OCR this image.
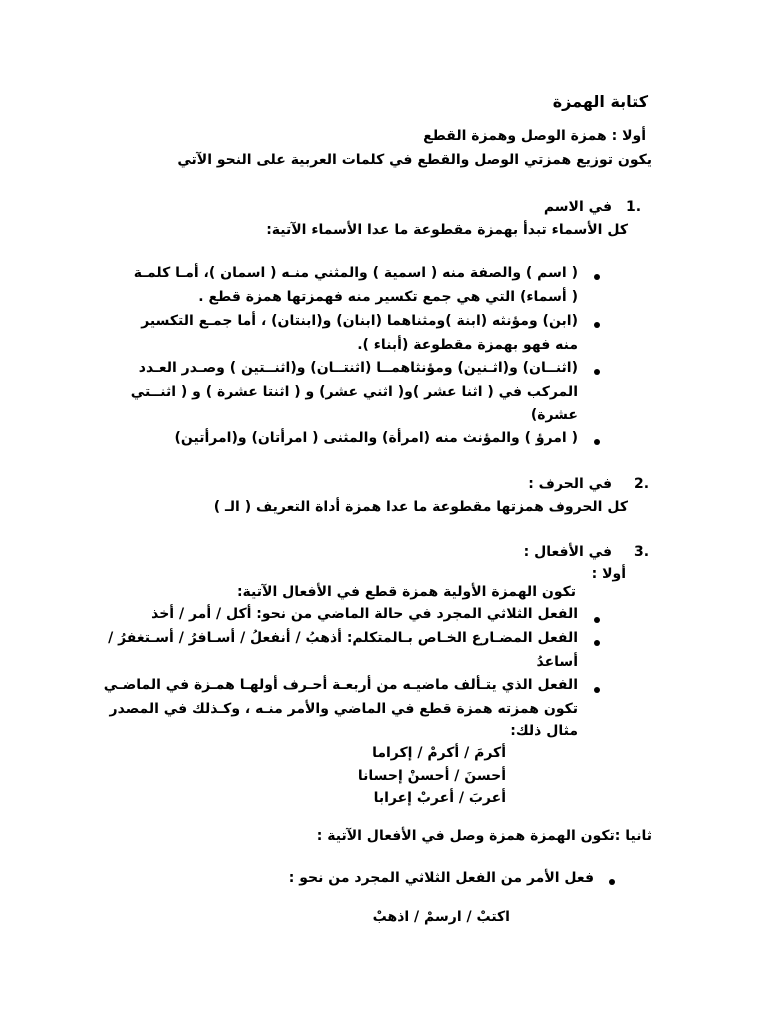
كتابة الهمزة
أولا : همزة الوصل وهمزة القطع
يكون توزيع همزتي الوصل والقطع في كلمات العربية على النحو الآتي
1.
في الاسم
كل الأسماء تبدأ بهمزة مقطوعة ما عدا الأسماء الآتية:
( اسم ) والصفة منه ( اسمية ) والمثني منـه ( اسمان )، أمـا كلمـة
( أسماء) التي هي جمع تكسير منه فهمزتها همزة قطع .
(ابن) ومؤنثه (ابنة )ومثناهما (ابنان) و(ابنتان) ، أما جمـع التكسير
منه فهو بهمزة مقطوعة (أبناء ).
(اثنــان) و(اثـنين) ومؤنثاهمــا (اثنتــان) و(اثنــتين ) وصـدر العـدد
المركب في ( اثنا عشر )و( اثني عشر) و ( اثنتا عشرة ) و ( اثنــتي
عشرة)
( امرؤ ) والمؤنث منه (امرأة) والمثنى ( امرأتان) و(امرأتين)
2.
في الحرف :
كل الحروف همزتها مقطوعة ما عدا همزة أداة التعريف ( الـ )
3.
في الأفعال :
أولا :
تكون الهمزة الأولية همزة قطع في الأفعال الآتية:
الفعل الثلاثي المجرد في حالة الماضي من نحو: أكل / أمر / أخذ
الفعل المضـارع الخـاص بـالمتكلم: أذهبُ / أنفعلُ / أسـافرُ / أسـتغفرُ /
أساعدُ
الفعل الذي يتـألف ماضيـه من أربعـة أحـرف أولهـا همـزة في الماضـي
تكون همزته همزة قطع في الماضي والأمر منـه ، وكـذلك في المصدر
مثال ذلك:
أكرمَ / أكرمْ / إكراما
أحسنَ / أحسنْ إحسانا
أعربَ / أعربْ إعرابا
ثانيا :تكون الهمزة همزة وصل في الأفعال الآتية :
فعل الأمر من الفعل الثلاثي المجرد من نحو :
اكتبْ / ارسمْ / اذهبْ
